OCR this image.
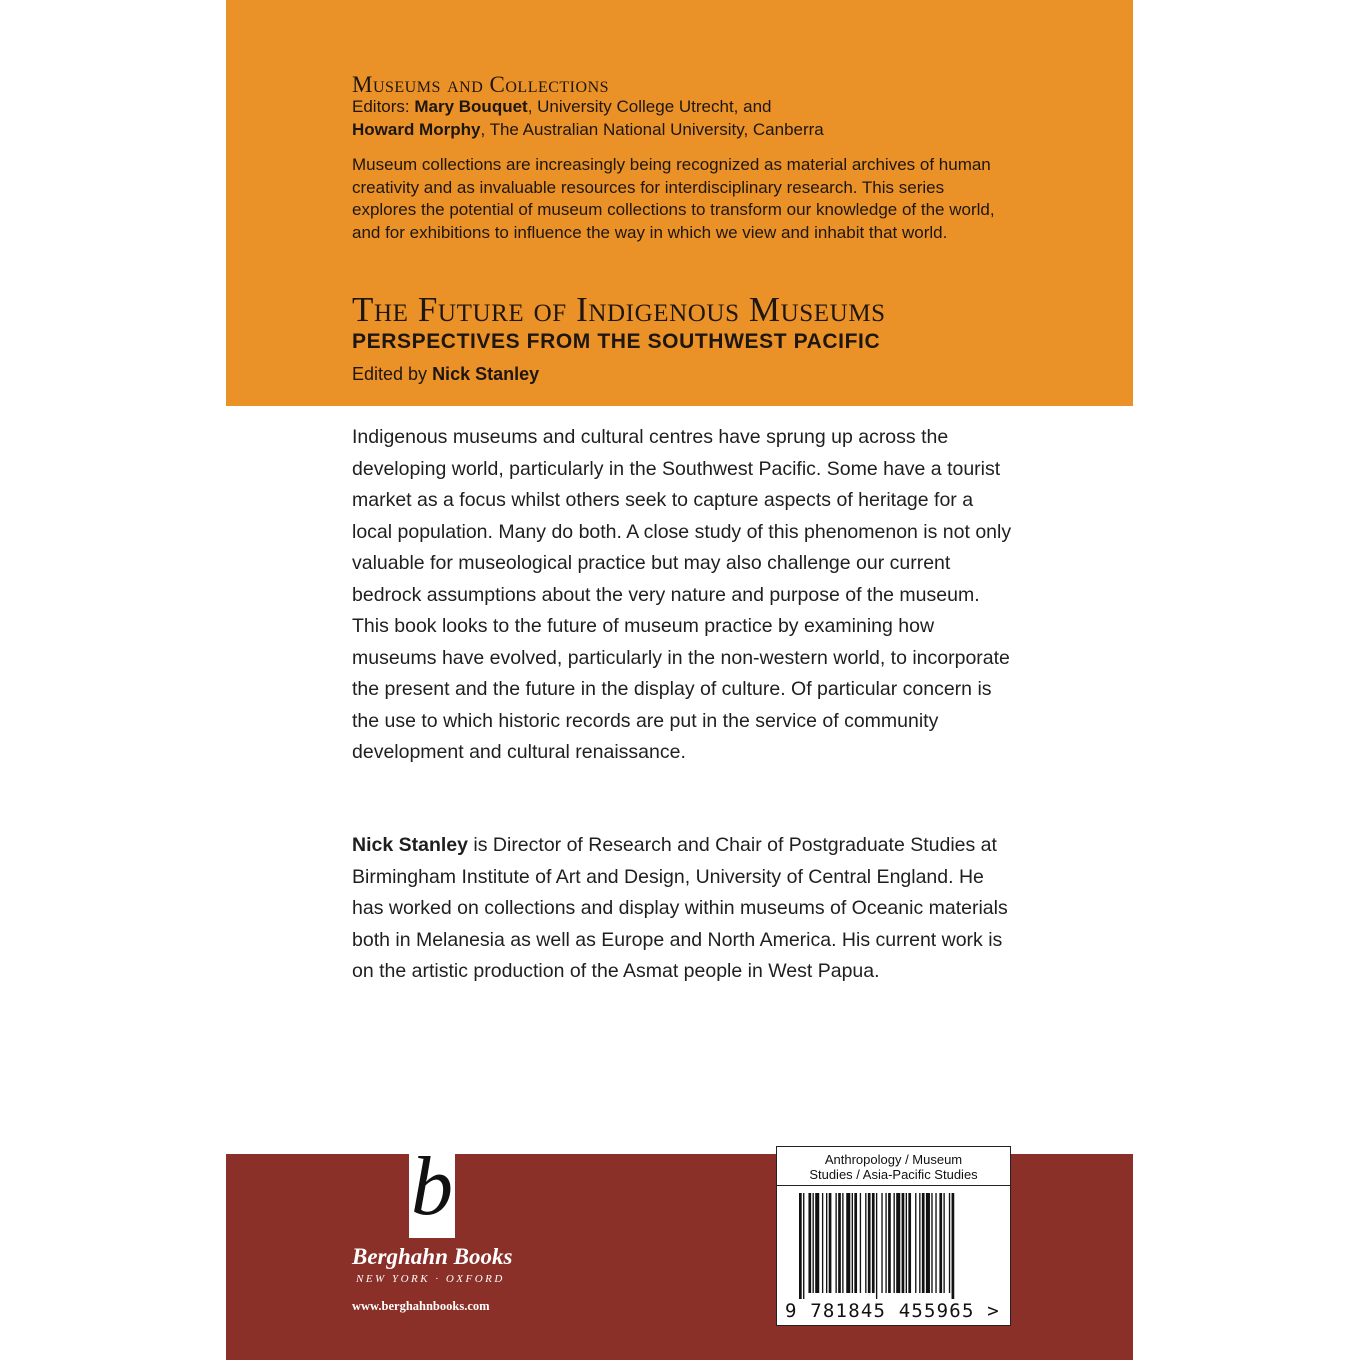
Museums and Collections
Editors: Mary Bouquet, University College Utrecht, and
Howard Morphy, The Australian National University, Canberra
Museum collections are increasingly being recognized as material archives of human creativity and as invaluable resources for interdisciplinary research. This series explores the potential of museum collections to transform our knowledge of the world, and for exhibitions to influence the way in which we view and inhabit that world.
The Future of Indigenous Museums
PERSPECTIVES FROM THE SOUTHWEST PACIFIC
Edited by Nick Stanley
Indigenous museums and cultural centres have sprung up across the developing world, particularly in the Southwest Pacific. Some have a tourist market as a focus whilst others seek to capture aspects of heritage for a local population. Many do both. A close study of this phenomenon is not only valuable for museological practice but may also challenge our current bedrock assumptions about the very nature and purpose of the museum. This book looks to the future of museum practice by examining how museums have evolved, particularly in the non-western world, to incorporate the present and the future in the display of culture. Of particular concern is the use to which historic records are put in the service of community development and cultural renaissance.
Nick Stanley is Director of Research and Chair of Postgraduate Studies at Birmingham Institute of Art and Design, University of Central England. He has worked on collections and display within museums of Oceanic materials both in Melanesia as well as Europe and North America. His current work is on the artistic production of the Asmat people in West Papua.
b
Berghahn Books
NEW YORK · OXFORD
www.berghahnbooks.com
Anthropology / Museum
Studies / Asia-Pacific Studies
9 781845 455965 >
